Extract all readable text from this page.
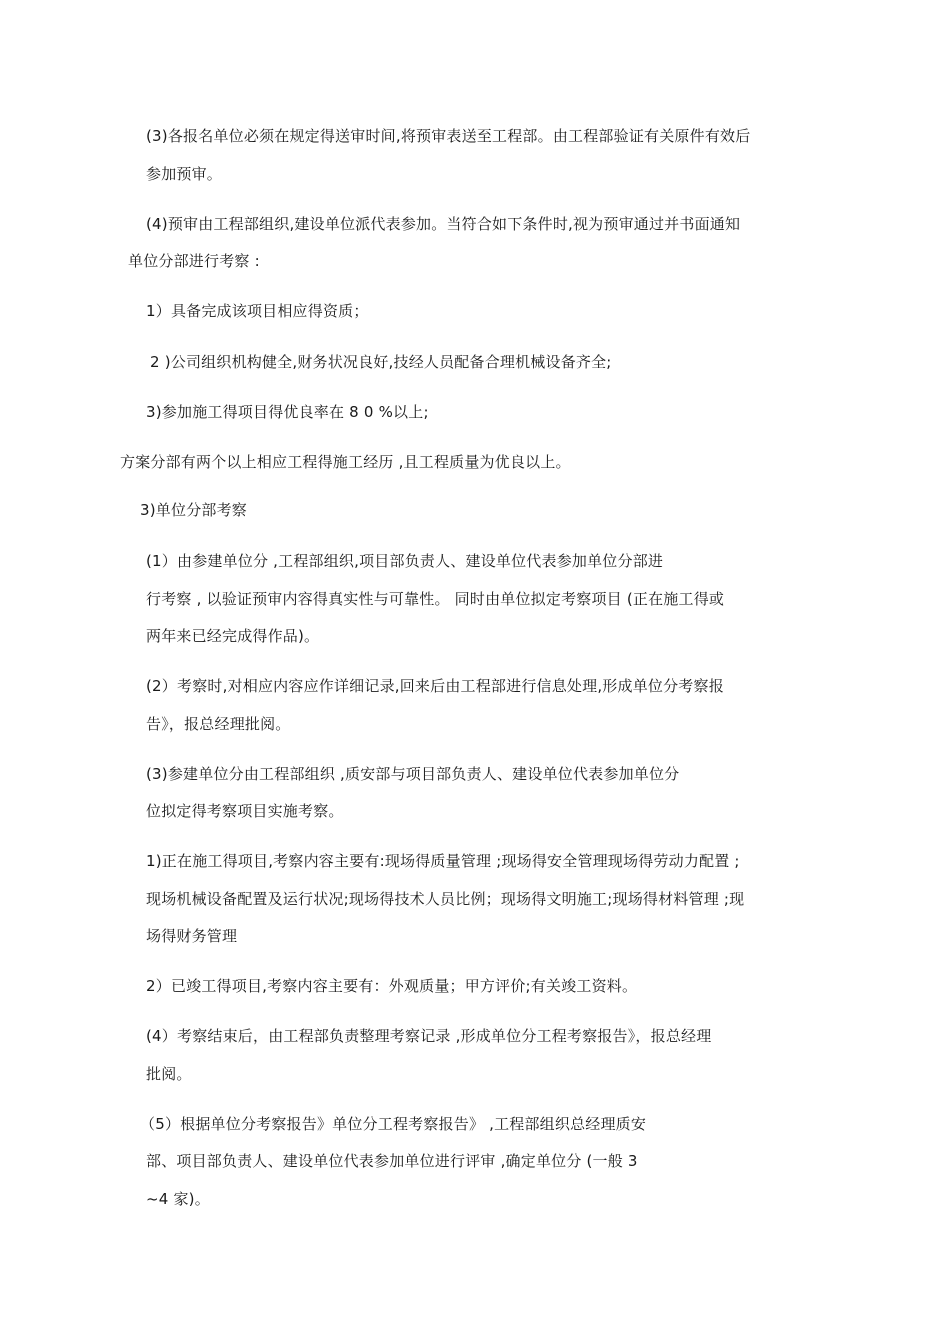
(3)各报名单位必须在规定得送审时间,将预审表送至工程部。由工程部验证有关原件有效后
参加预审。
(4)预审由工程部组织,建设单位派代表参加。当符合如下条件时,视为预审通过并书面通知
单位分部进行考察 :
1）具备完成该项目相应得资质；
2 )公司组织机构健全,财务状况良好,技经人员配备合理机械设备齐全;
3)参加施工得项目得优良率在 8 0 %以上;
方案分部有两个以上相应工程得施工经历 ,且工程质量为优良以上。
3)单位分部考察
(1）由参建单位分 ,工程部组织,项目部负责人、建设单位代表参加单位分部进
行考察 , 以验证预审内容得真实性与可靠性。 同时由单位拟定考察项目 (正在施工得或
两年来已经完成得作品)。
(2）考察时,对相应内容应作详细记录,回来后由工程部进行信息处理,形成单位分考察报
告》，报总经理批阅。
(3)参建单位分由工程部组织 ,质安部与项目部负责人、建设单位代表参加单位分
位拟定得考察项目实施考察。
1)正在施工得项目,考察内容主要有:现场得质量管理 ;现场得安全管理现场得劳动力配置 ;
现场机械设备配置及运行状况;现场得技术人员比例；现场得文明施工;现场得材料管理 ;现
场得财务管理
2）已竣工得项目,考察内容主要有：外观质量；甲方评价;有关竣工资料。
(4）考察结束后，由工程部负责整理考察记录 ,形成单位分工程考察报告》，报总经理
批阅。
（5）根据单位分考察报告》单位分工程考察报告》 ,工程部组织总经理质安
部、项目部负责人、建设单位代表参加单位进行评审 ,确定单位分 (一般 3
~4 家)。
